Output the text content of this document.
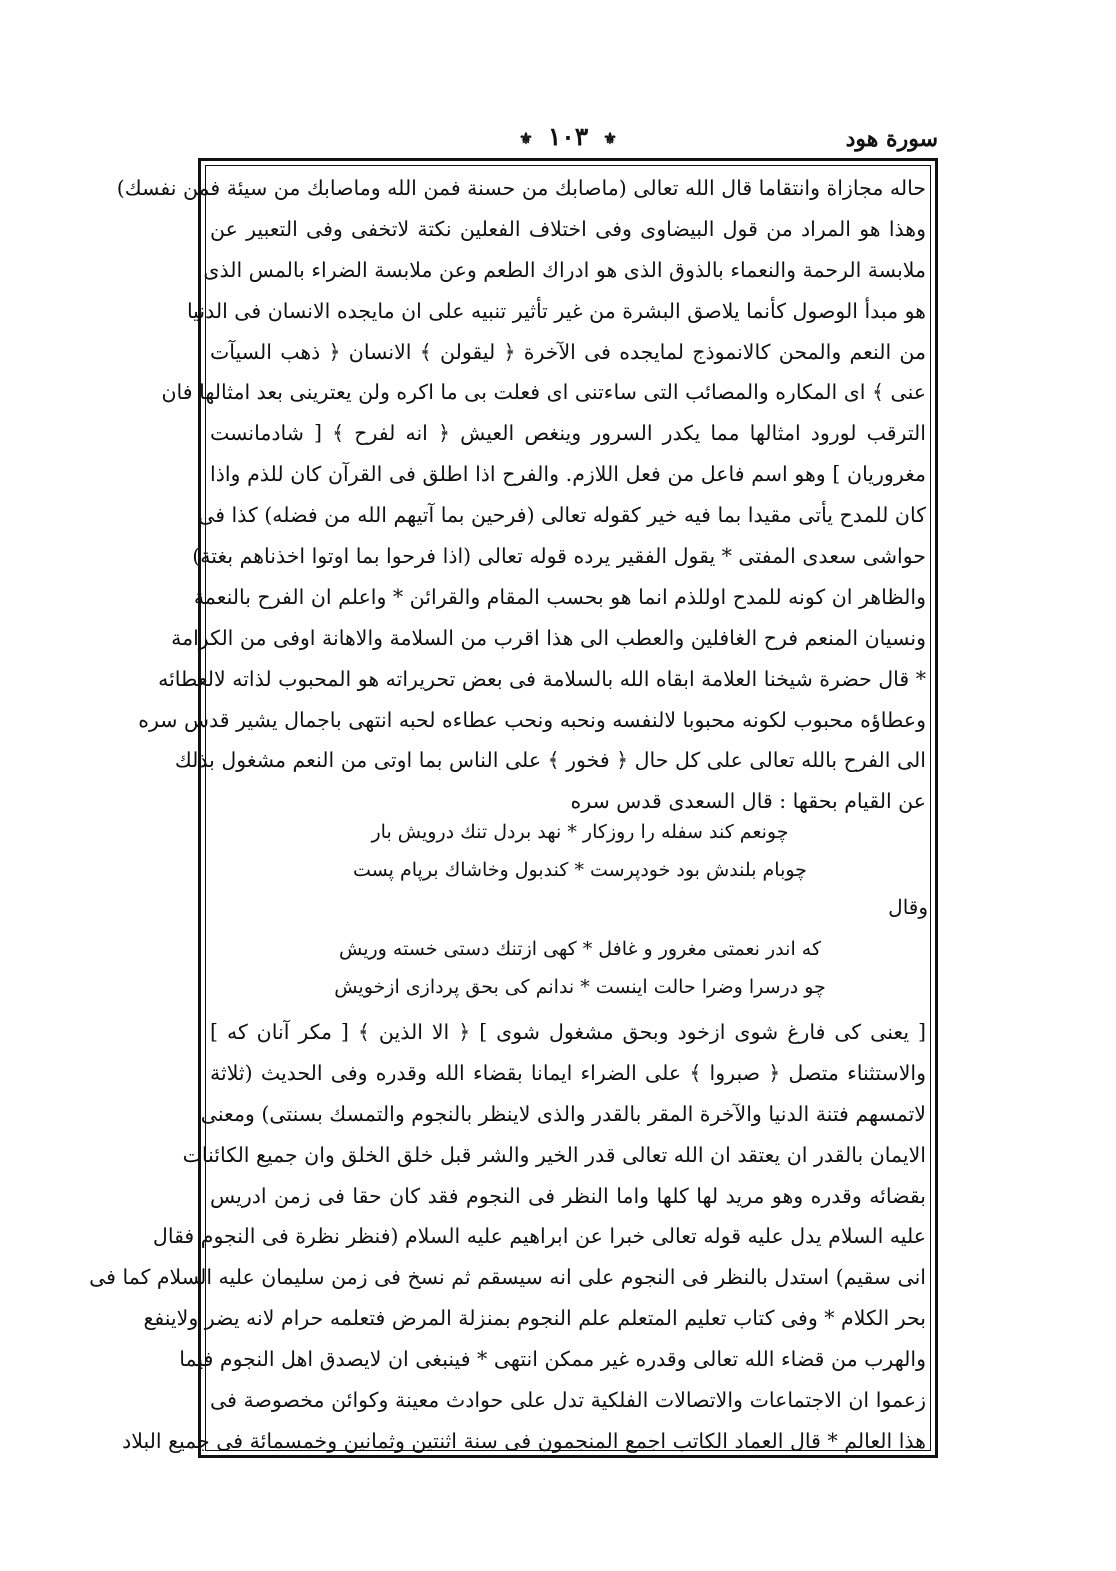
⚜ ١٠٣ ⚜	سورة هود
حاله مجازاة وانتقاما قال الله تعالى (ماصابك من حسنة فمن الله وماصابك من سيئة فمن نفسك)
وهذا هو المراد من قول البيضاوى وفى اختلاف الفعلين نكتة لاتخفى وفى التعبير عن
ملابسة الرحمة والنعماء بالذوق الذى هو ادراك الطعم وعن ملابسة الضراء بالمس الذى
هو مبدأ الوصول كأنما يلاصق البشرة من غير تأثير تنبيه على ان مايجده الانسان فى الدنيا
من النعم والمحن كالانموذج لمايجده فى الآخرة ﴿ ليقولن ﴾ الانسان ﴿ ذهب السيآت
عنى ﴾ اى المكاره والمصائب التى ساءتنى اى فعلت بى ما اكره ولن يعترينى بعد امثالها فان
الترقب لورود امثالها مما يكدر السرور وينغص العيش ﴿ انه لفرح ﴾ [ شادمانست
مغروريان ] وهو اسم فاعل من فعل اللازم. والفرح اذا اطلق فى القرآن كان للذم واذا
كان للمدح يأتى مقيدا بما فيه خير كقوله تعالى (فرحين بما آتيهم الله من فضله) كذا فى
حواشى سعدى المفتى * يقول الفقير يرده قوله تعالى (اذا فرحوا بما اوتوا اخذناهم بغتة)
والظاهر ان كونه للمدح اوللذم انما هو بحسب المقام والقرائن * واعلم ان الفرح بالنعمة
ونسيان المنعم فرح الغافلين والعطب الى هذا اقرب من السلامة والاهانة اوفى من الكرامة
* قال حضرة شيخنا العلامة ابقاه الله بالسلامة فى بعض تحريراته هو المحبوب لذاته لالعطائه
وعطاؤه محبوب لكونه محبوبا لالنفسه ونحبه ونحب عطاءه لحبه انتهى باجمال يشير قدس سره
الى الفرح بالله تعالى على كل حال ﴿ فخور ﴾ على الناس بما اوتى من النعم مشغول بذلك
عن القيام بحقها : قال السعدى قدس سره
چونعم كند سفله را روزكار * نهد بردل تنك درويش بار
چوبام بلندش بود خودپرست * كندبول وخاشاك برپام پست
وقال
كه اندر نعمتى مغرور و غافل * كهى ازتنك دستى خسته وريش
چو درسرا وضرا حالت اينست * ندانم كى بحق پردازى ازخويش
[ يعنى كى فارغ شوى ازخود وبحق مشغول شوى ] ﴿ الا الذين ﴾ [ مكر آنان كه ]
والاستثناء متصل ﴿ صبروا ﴾ على الضراء ايمانا بقضاء الله وقدره وفى الحديث (ثلاثة
لاتمسهم فتنة الدنيا والآخرة المقر بالقدر والذى لاينظر بالنجوم والتمسك بسنتى) ومعنى
الايمان بالقدر ان يعتقد ان الله تعالى قدر الخير والشر قبل خلق الخلق وان جميع الكائنات
بقضائه وقدره وهو مريد لها كلها واما النظر فى النجوم فقد كان حقا فى زمن ادريس
عليه السلام يدل عليه قوله تعالى خبرا عن ابراهيم عليه السلام (فنظر نظرة فى النجوم فقال
انى سقيم) استدل بالنظر فى النجوم على انه سيسقم ثم نسخ فى زمن سليمان عليه السلام كما فى
بحر الكلام * وفى كتاب تعليم المتعلم علم النجوم بمنزلة المرض فتعلمه حرام لانه يضر ولاينفع
والهرب من قضاء الله تعالى وقدره غير ممكن انتهى * فينبغى ان لايصدق اهل النجوم فيما
زعموا ان الاجتماعات والاتصالات الفلكية تدل على حوادث معينة وكوائن مخصوصة فى
هذا العالم * قال العماد الكاتب اجمع المنجمون فى سنة اثنتين وثمانين وخمسمائة فى جميع البلاد
